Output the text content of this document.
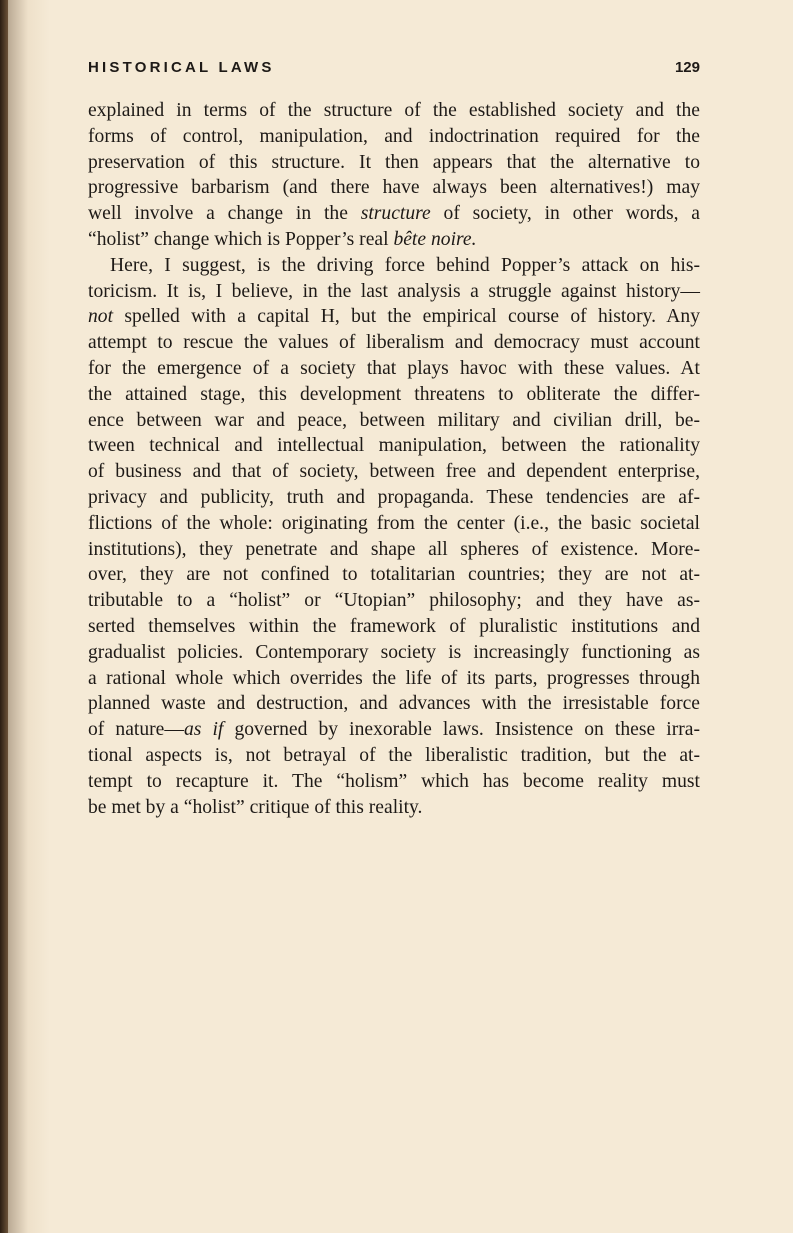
HISTORICAL LAWS	129
explained in terms of the structure of the established society and the
forms of control, manipulation, and indoctrination required for the
preservation of this structure. It then appears that the alternative to
progressive barbarism (and there have always been alternatives!) may
well involve a change in the structure of society, in other words, a
“holist” change which is Popper’s real bête noire.
Here, I suggest, is the driving force behind Popper’s attack on his-
toricism. It is, I believe, in the last analysis a struggle against history—
not spelled with a capital H, but the empirical course of history. Any
attempt to rescue the values of liberalism and democracy must account
for the emergence of a society that plays havoc with these values. At
the attained stage, this development threatens to obliterate the differ-
ence between war and peace, between military and civilian drill, be-
tween technical and intellectual manipulation, between the rationality
of business and that of society, between free and dependent enterprise,
privacy and publicity, truth and propaganda. These tendencies are af-
flictions of the whole: originating from the center (i.e., the basic societal
institutions), they penetrate and shape all spheres of existence. More-
over, they are not confined to totalitarian countries; they are not at-
tributable to a “holist” or “Utopian” philosophy; and they have as-
serted themselves within the framework of pluralistic institutions and
gradualist policies. Contemporary society is increasingly functioning as
a rational whole which overrides the life of its parts, progresses through
planned waste and destruction, and advances with the irresistable force
of nature—as if governed by inexorable laws. Insistence on these irra-
tional aspects is, not betrayal of the liberalistic tradition, but the at-
tempt to recapture it. The “holism” which has become reality must
be met by a “holist” critique of this reality.
